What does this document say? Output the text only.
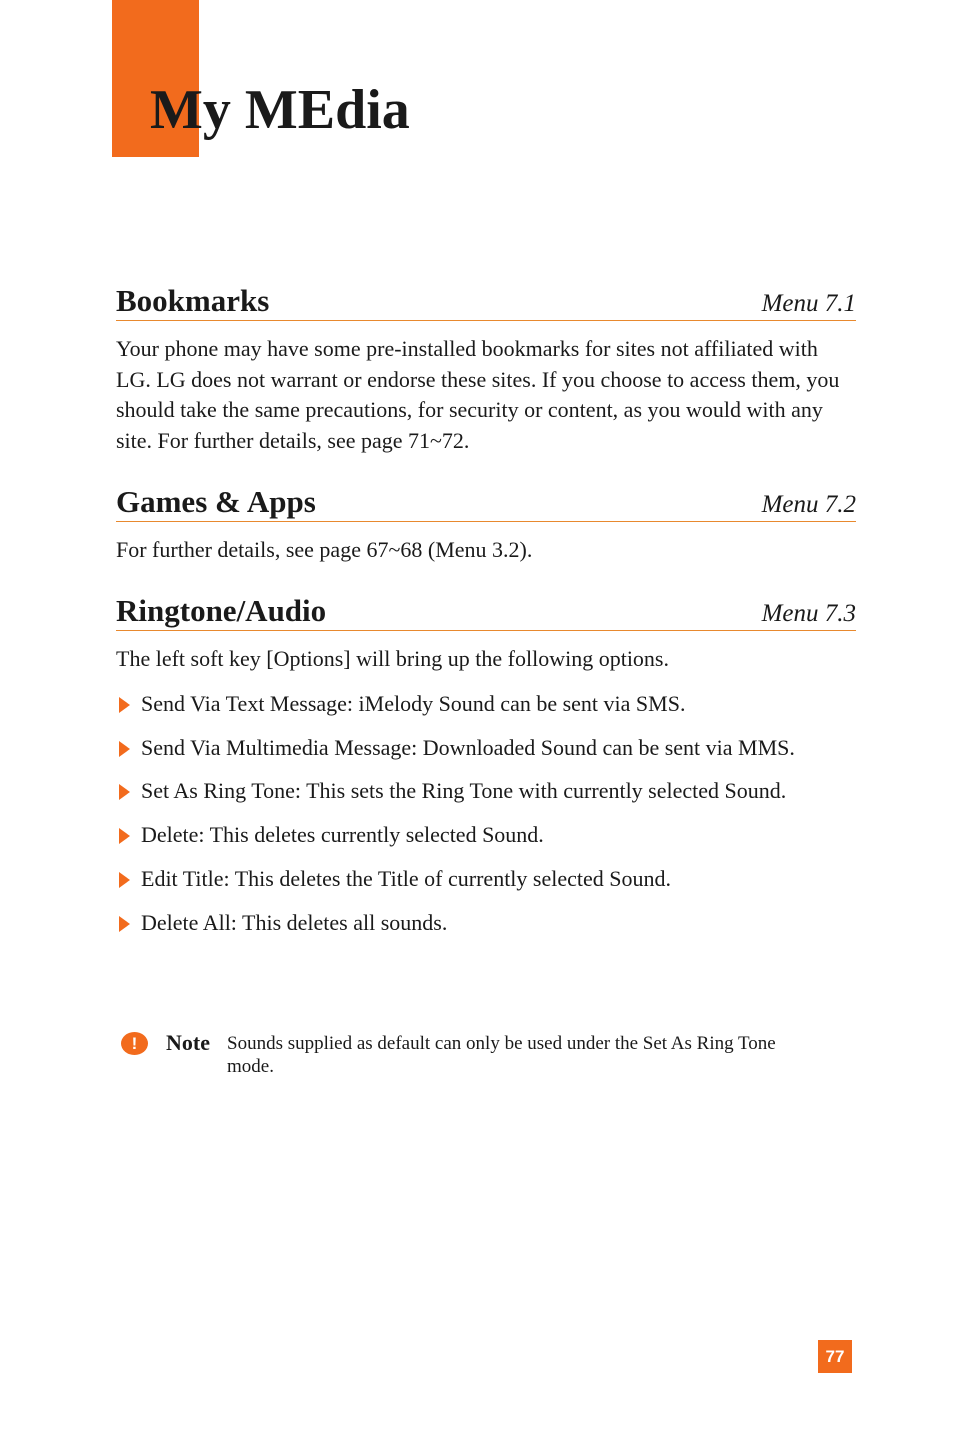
My MEdia
Bookmarks	Menu 7.1

Your phone may have some pre-installed bookmarks for sites not affiliated with LG. LG does not warrant or endorse these sites. If you choose to access them, you should take the same precautions, for security or content, as you would with any site. For further details, see page 71~72.

Games & Apps	Menu 7.2

For further details, see page 67~68 (Menu 3.2).

Ringtone/Audio	Menu 7.3

The left soft key [Options] will bring up the following options.

Send Via Text Message: iMelody Sound can be sent via SMS.
Send Via Multimedia Message: Downloaded Sound can be sent via MMS.
Set As Ring Tone: This sets the Ring Tone with currently selected Sound.
Delete: This deletes currently selected Sound.
Edit Title: This deletes the Title of currently selected Sound.
Delete All: This deletes all sounds.
!	Note Sounds supplied as default can only be used under the Set As Ring Tone mode.
77
